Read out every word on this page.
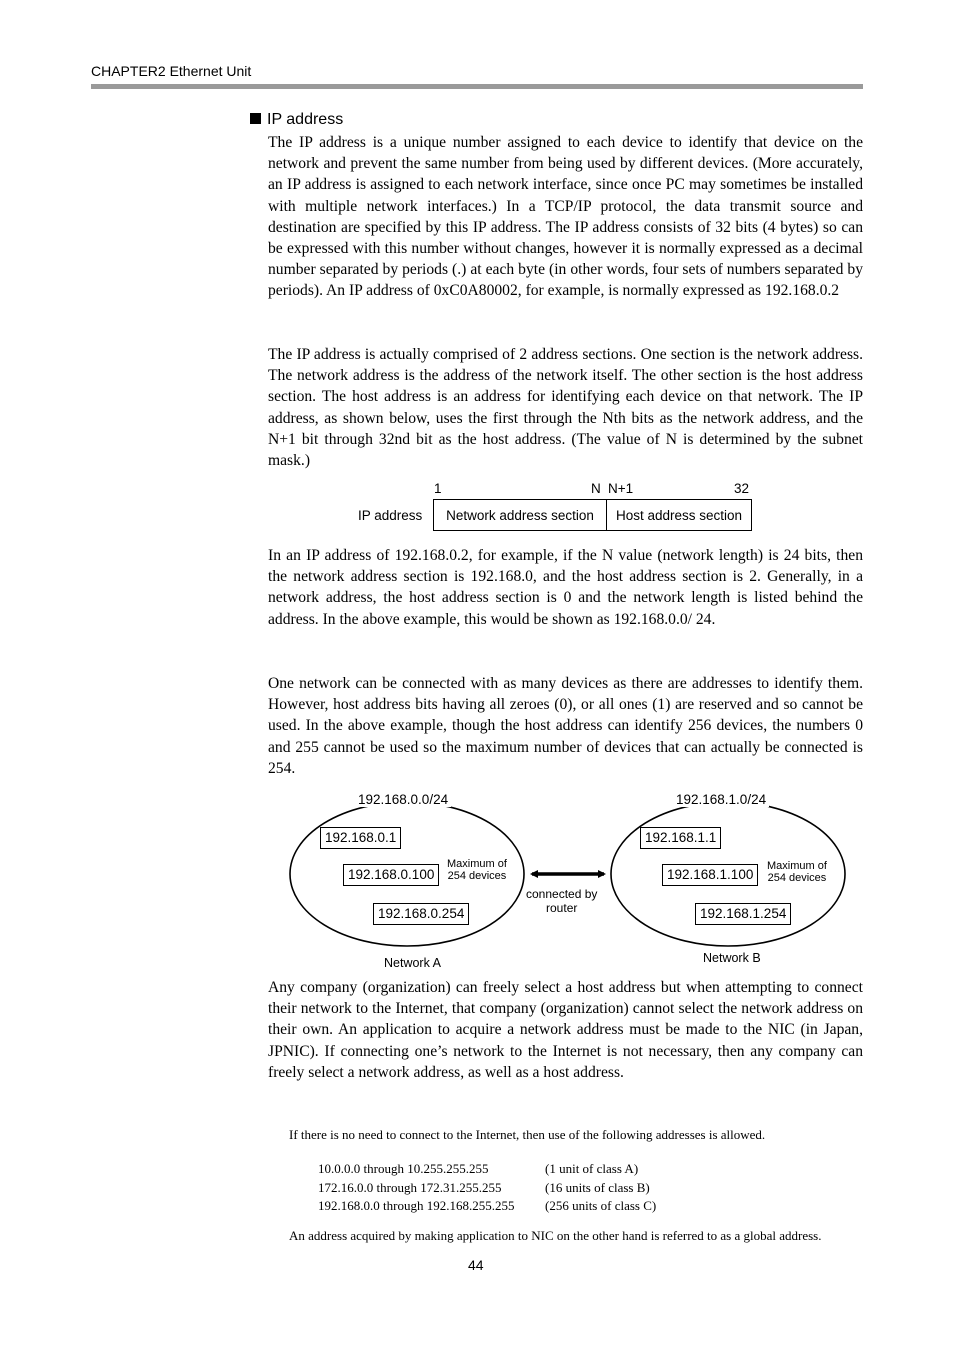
CHAPTER2 Ethernet Unit
IP address

The IP address is a unique number assigned to each device to identify that device on the network and prevent the same number from being used by different devices. (More accurately, an IP address is assigned to each network interface, since once PC may sometimes be installed with multiple network interfaces.) In a TCP/IP protocol, the data transmit source and destination are specified by this IP address. The IP address consists of 32 bits (4 bytes) so can be expressed with this number without changes, however it is normally expressed as a decimal number separated by periods (.) at each byte (in other words, four sets of numbers separated by periods). An IP address of 0xC0A80002, for example, is normally expressed as 192.168.0.2

The IP address is actually comprised of 2 address sections. One section is the network address. The network address is the address of the network itself. The other section is the host address section. The host address is an address for identifying each device on that network. The IP address, as shown below, uses the first through the Nth bits as the network address, and the N+1 bit through 32nd bit as the host address. (The value of N is determined by the subnet mask.)

1	N N+1	32
IP address	Network address section	Host address section

In an IP address of 192.168.0.2, for example, if the N value (network length) is 24 bits, then the network address section is 192.168.0, and the host address section is 2. Generally, in a network address, the host address section is 0 and the network length is listed behind the address. In the above example, this would be shown as 192.168.0.0/ 24.

One network can be connected with as many devices as there are addresses to identify them. However, host address bits having all zeroes (0), or all ones (1) are reserved and so cannot be used. In the above example, though the host address can identify 256 devices, the numbers 0 and 255 cannot be used so the maximum number of devices that can actually be connected is 254.

192.168.0.0/24
192.168.0.1
192.168.0.100
192.168.0.254
Maximum of
254 devices
Network A
connected by
router
192.168.1.0/24
192.168.1.1
192.168.1.100
192.168.1.254
Maximum of
254 devices
Network B

Any company (organization) can freely select a host address but when attempting to connect their network to the Internet, that company (organization) cannot select the network address on their own. An application to acquire a network address must be made to the NIC (in Japan, JPNIC). If connecting one’s network to the Internet is not necessary, then any company can freely select a network address, as well as a host address.

If there is no need to connect to the Internet, then use of the following addresses is allowed.
10.0.0.0 through 10.255.255.255	(1 unit of class A)
172.16.0.0 through 172.31.255.255	(16 units of class B)
192.168.0.0 through 192.168.255.255 (256 units of class C)
An address acquired by making application to NIC on the other hand is referred to as a global address.
44
